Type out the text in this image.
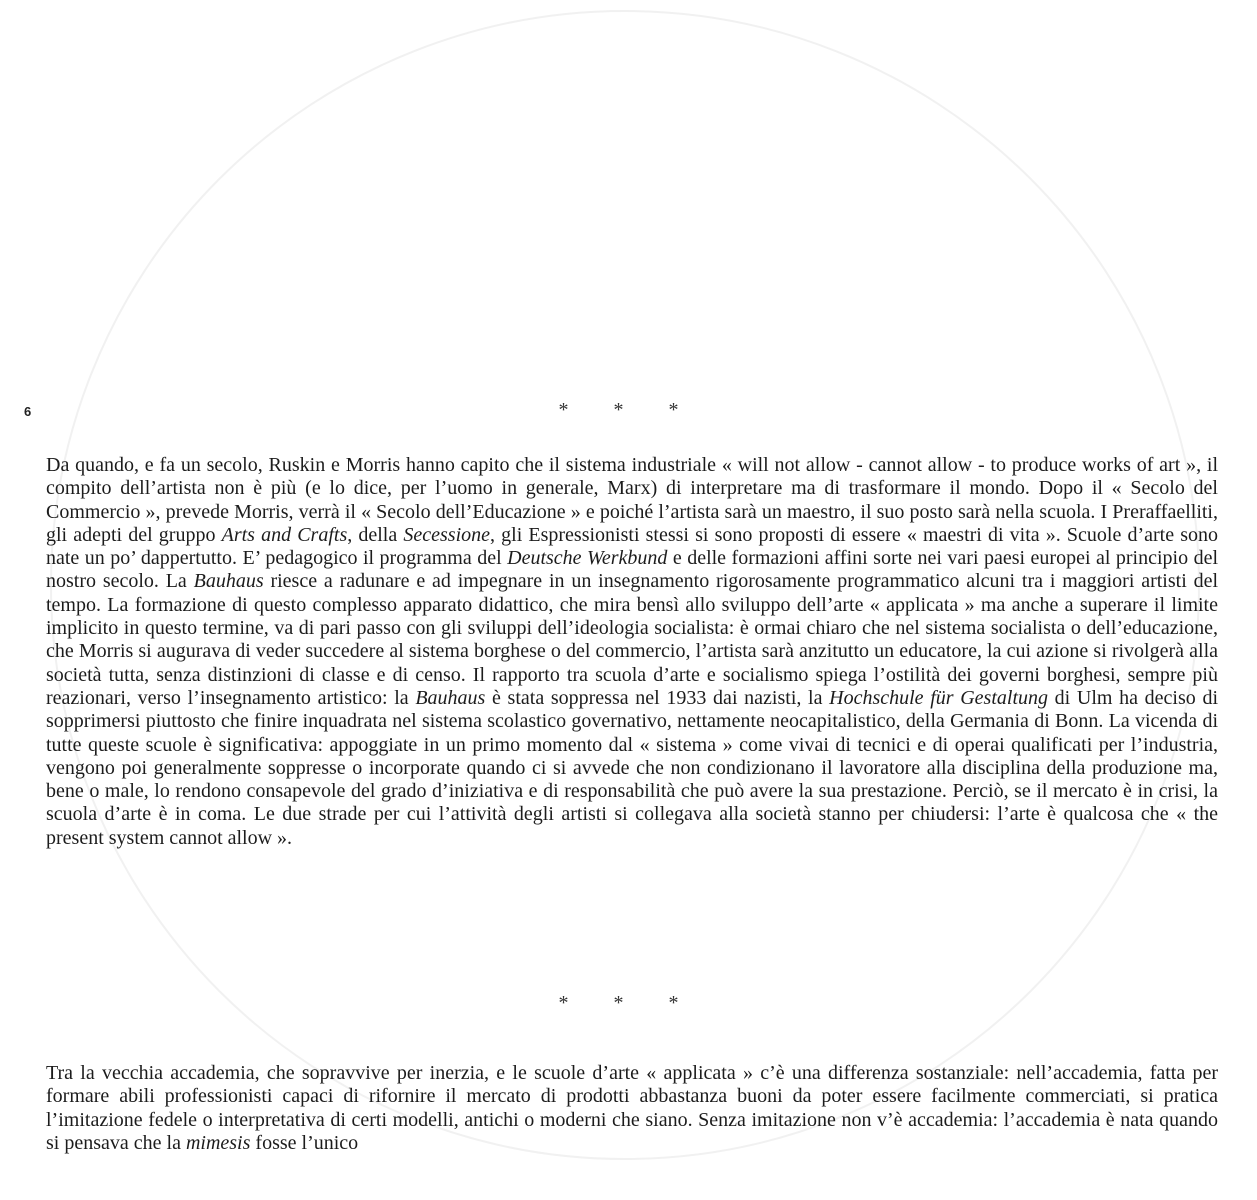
6	* * *

Da quando, e fa un secolo, Ruskin e Morris hanno capito che il sistema industriale « will not allow - cannot allow - to produce works of art », il compito dell’artista non è più (e lo dice, per l’uomo in generale, Marx) di interpretare ma di trasformare il mondo. Dopo il « Secolo del Commercio », prevede Morris, verrà il « Secolo dell’Educazione » e poiché l’artista sarà un maestro, il suo posto sarà nella scuola. I Preraffaelliti, gli adepti del gruppo Arts and Crafts, della Secessione, gli Espressionisti stessi si sono proposti di essere « maestri di vita ». Scuole d’arte sono nate un po’ dappertutto. E’ pedagogico il programma del Deutsche Werkbund e delle formazioni affini sorte nei vari paesi europei al principio del nostro secolo. La Bauhaus riesce a radunare e ad impegnare in un insegnamento rigorosamente programmatico alcuni tra i maggiori artisti del tempo. La formazione di questo complesso apparato didattico, che mira bensì allo sviluppo dell’arte « applicata » ma anche a superare il limite implicito in questo termine, va di pari passo con gli sviluppi dell’ideologia socialista: è ormai chiaro che nel sistema socialista o dell’educazione, che Morris si augurava di veder succedere al sistema borghese o del commercio, l’artista sarà anzitutto un educatore, la cui azione si rivolgerà alla società tutta, senza distinzioni di classe e di censo. Il rapporto tra scuola d’arte e socialismo spiega l’ostilità dei governi borghesi, sempre più reazionari, verso l’insegnamento artistico: la Bauhaus è stata soppressa nel 1933 dai nazisti, la Hochschule für Gestaltung di Ulm ha deciso di sopprimersi piuttosto che finire inquadrata nel sistema scolastico governativo, nettamente neocapitalistico, della Germania di Bonn. La vicenda di tutte queste scuole è significativa: appoggiate in un primo momento dal « sistema » come vivai di tecnici e di operai qualificati per l’industria, vengono poi generalmente soppresse o incorporate quando ci si avvede che non condizionano il lavoratore alla disciplina della produzione ma, bene o male, lo rendono consapevole del grado d’iniziativa e di responsabilità che può avere la sua prestazione. Perciò, se il mercato è in crisi, la scuola d’arte è in coma. Le due strade per cui l’attività degli artisti si collegava alla società stanno per chiudersi: l’arte è qualcosa che « the present system cannot allow ».

* * *

Tra la vecchia accademia, che sopravvive per inerzia, e le scuole d’arte « applicata » c’è una differenza sostanziale: nell’accademia, fatta per formare abili professionisti capaci di rifornire il mercato di prodotti abbastanza buoni da poter essere facilmente commerciati, si pratica l’imitazione fedele o interpretativa di certi modelli, antichi o moderni che siano. Senza imitazione non v’è accademia: l’accademia è nata quando si pensava che la mimesis fosse l’unico
